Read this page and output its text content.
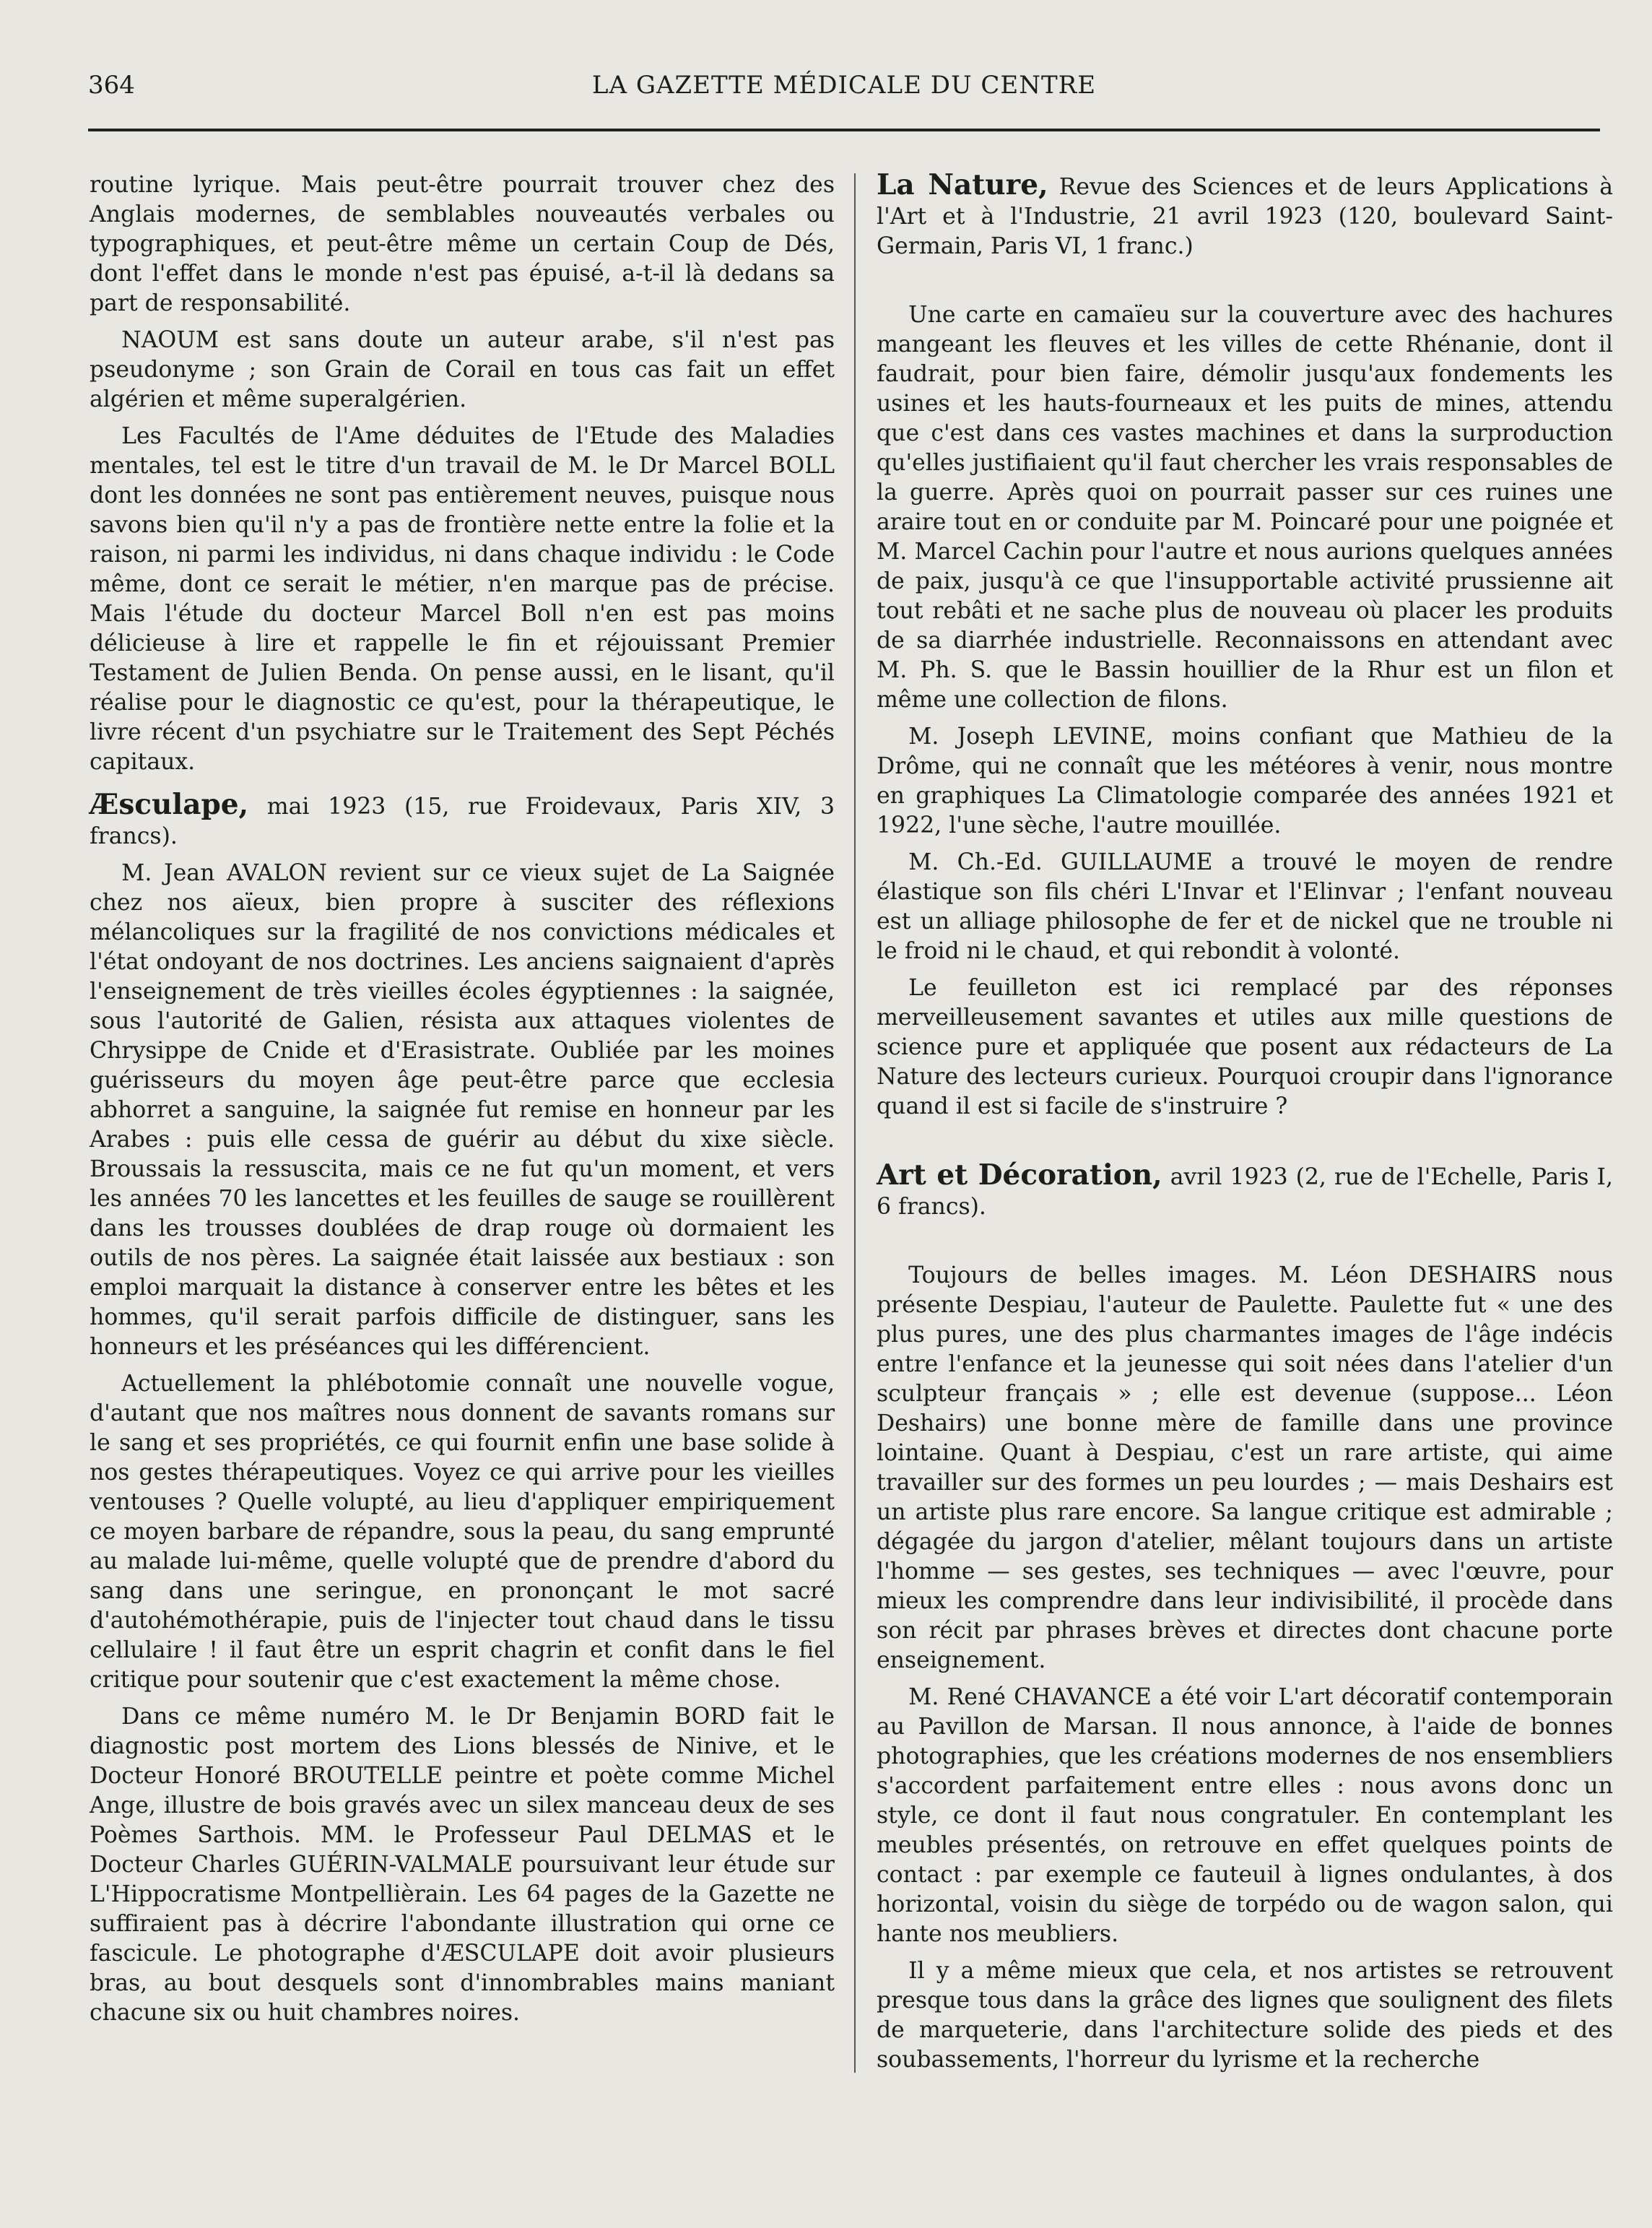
364	LA GAZETTE MÉDICALE DU CENTRE

routine lyrique. Mais peut-être pourrait trouver chez des Anglais modernes, de semblables nouveautés verbales ou typographiques, et peut-être même un certain Coup de Dés, dont l'effet dans le monde n'est pas épuisé, a-t-il là dedans sa part de responsabilité.

NAOUM est sans doute un auteur arabe, s'il n'est pas pseudonyme ; son Grain de Corail en tous cas fait un effet algérien et même superalgérien.

Les Facultés de l'Ame déduites de l'Etude des Maladies mentales, tel est le titre d'un travail de M. le Dr Marcel BOLL dont les données ne sont pas entièrement neuves, puisque nous savons bien qu'il n'y a pas de frontière nette entre la folie et la raison, ni parmi les individus, ni dans chaque individu : le Code même, dont ce serait le métier, n'en marque pas de précise. Mais l'étude du docteur Marcel Boll n'en est pas moins délicieuse à lire et rappelle le fin et réjouissant Premier Testament de Julien Benda. On pense aussi, en le lisant, qu'il réalise pour le diagnostic ce qu'est, pour la thérapeutique, le livre récent d'un psychiatre sur le Traitement des Sept Péchés capitaux.

Æsculape, mai 1923 (15, rue Froidevaux, Paris XIV, 3 francs).

M. Jean AVALON revient sur ce vieux sujet de La Saignée chez nos aïeux, bien propre à susciter des réflexions mélancoliques sur la fragilité de nos convictions médicales et l'état ondoyant de nos doctrines. Les anciens saignaient d'après l'enseignement de très vieilles écoles égyptiennes : la saignée, sous l'autorité de Galien, résista aux attaques violentes de Chrysippe de Cnide et d'Erasistrate. Oubliée par les moines guérisseurs du moyen âge peut-être parce que ecclesia abhorret a sanguine, la saignée fut remise en honneur par les Arabes : puis elle cessa de guérir au début du xixe siècle. Broussais la ressuscita, mais ce ne fut qu'un moment, et vers les années 70 les lancettes et les feuilles de sauge se rouillèrent dans les trousses doublées de drap rouge où dormaient les outils de nos pères. La saignée était laissée aux bestiaux : son emploi marquait la distance à conserver entre les bêtes et les hommes, qu'il serait parfois difficile de distinguer, sans les honneurs et les préséances qui les différencient.

Actuellement la phlébotomie connaît une nouvelle vogue, d'autant que nos maîtres nous donnent de savants romans sur le sang et ses propriétés, ce qui fournit enfin une base solide à nos gestes thérapeutiques. Voyez ce qui arrive pour les vieilles ventouses ? Quelle volupté, au lieu d'appliquer empiriquement ce moyen barbare de répandre, sous la peau, du sang emprunté au malade lui-même, quelle volupté que de prendre d'abord du sang dans une seringue, en prononçant le mot sacré d'autohémothérapie, puis de l'injecter tout chaud dans le tissu cellulaire ! il faut être un esprit chagrin et confit dans le fiel critique pour soutenir que c'est exactement la même chose.

Dans ce même numéro M. le Dr Benjamin BORD fait le diagnostic post mortem des Lions blessés de Ninive, et le Docteur Honoré BROUTELLE peintre et poète comme Michel Ange, illustre de bois gravés avec un silex manceau deux de ses Poèmes Sarthois. MM. le Professeur Paul DELMAS et le Docteur Charles GUÉRIN-VALMALE poursuivant leur étude sur L'Hippocratisme Montpellièrain. Les 64 pages de la Gazette ne suffiraient pas à décrire l'abondante illustration qui orne ce fascicule. Le photographe d'ÆSCULAPE doit avoir plusieurs bras, au bout desquels sont d'innombrables mains maniant chacune six ou huit chambres noires.

La Nature, Revue des Sciences et de leurs Applications à l'Art et à l'Industrie, 21 avril 1923 (120, boulevard Saint-Germain, Paris VI, 1 franc.)

Une carte en camaïeu sur la couverture avec des hachures mangeant les fleuves et les villes de cette Rhénanie, dont il faudrait, pour bien faire, démolir jusqu'aux fondements les usines et les hauts-fourneaux et les puits de mines, attendu que c'est dans ces vastes machines et dans la surproduction qu'elles justifiaient qu'il faut chercher les vrais responsables de la guerre. Après quoi on pourrait passer sur ces ruines une araire tout en or conduite par M. Poincaré pour une poignée et M. Marcel Cachin pour l'autre et nous aurions quelques années de paix, jusqu'à ce que l'insupportable activité prussienne ait tout rebâti et ne sache plus de nouveau où placer les produits de sa diarrhée industrielle. Reconnaissons en attendant avec M. Ph. S. que le Bassin houillier de la Rhur est un filon et même une collection de filons.

M. Joseph LEVINE, moins confiant que Mathieu de la Drôme, qui ne connaît que les météores à venir, nous montre en graphiques La Climatologie comparée des années 1921 et 1922, l'une sèche, l'autre mouillée.

M. Ch.-Ed. GUILLAUME a trouvé le moyen de rendre élastique son fils chéri L'Invar et l'Elinvar ; l'enfant nouveau est un alliage philosophe de fer et de nickel que ne trouble ni le froid ni le chaud, et qui rebondit à volonté.

Le feuilleton est ici remplacé par des réponses merveilleusement savantes et utiles aux mille questions de science pure et appliquée que posent aux rédacteurs de La Nature des lecteurs curieux. Pourquoi croupir dans l'ignorance quand il est si facile de s'instruire ?

Art et Décoration, avril 1923 (2, rue de l'Echelle, Paris I, 6 francs).

Toujours de belles images. M. Léon DESHAIRS nous présente Despiau, l'auteur de Paulette. Paulette fut « une des plus pures, une des plus charmantes images de l'âge indécis entre l'enfance et la jeunesse qui soit nées dans l'atelier d'un sculpteur français » ; elle est devenue (suppose... Léon Deshairs) une bonne mère de famille dans une province lointaine. Quant à Despiau, c'est un rare artiste, qui aime travailler sur des formes un peu lourdes ; — mais Deshairs est un artiste plus rare encore. Sa langue critique est admirable ; dégagée du jargon d'atelier, mêlant toujours dans un artiste l'homme — ses gestes, ses techniques — avec l'œuvre, pour mieux les comprendre dans leur indivisibilité, il procède dans son récit par phrases brèves et directes dont chacune porte enseignement.

M. René CHAVANCE a été voir L'art décoratif contemporain au Pavillon de Marsan. Il nous annonce, à l'aide de bonnes photographies, que les créations modernes de nos ensembliers s'accordent parfaitement entre elles : nous avons donc un style, ce dont il faut nous congratuler. En contemplant les meubles présentés, on retrouve en effet quelques points de contact : par exemple ce fauteuil à lignes ondulantes, à dos horizontal, voisin du siège de torpédo ou de wagon salon, qui hante nos meubliers.

Il y a même mieux que cela, et nos artistes se retrouvent presque tous dans la grâce des lignes que soulignent des filets de marqueterie, dans l'architecture solide des pieds et des soubassements, l'horreur du lyrisme et la recherche
